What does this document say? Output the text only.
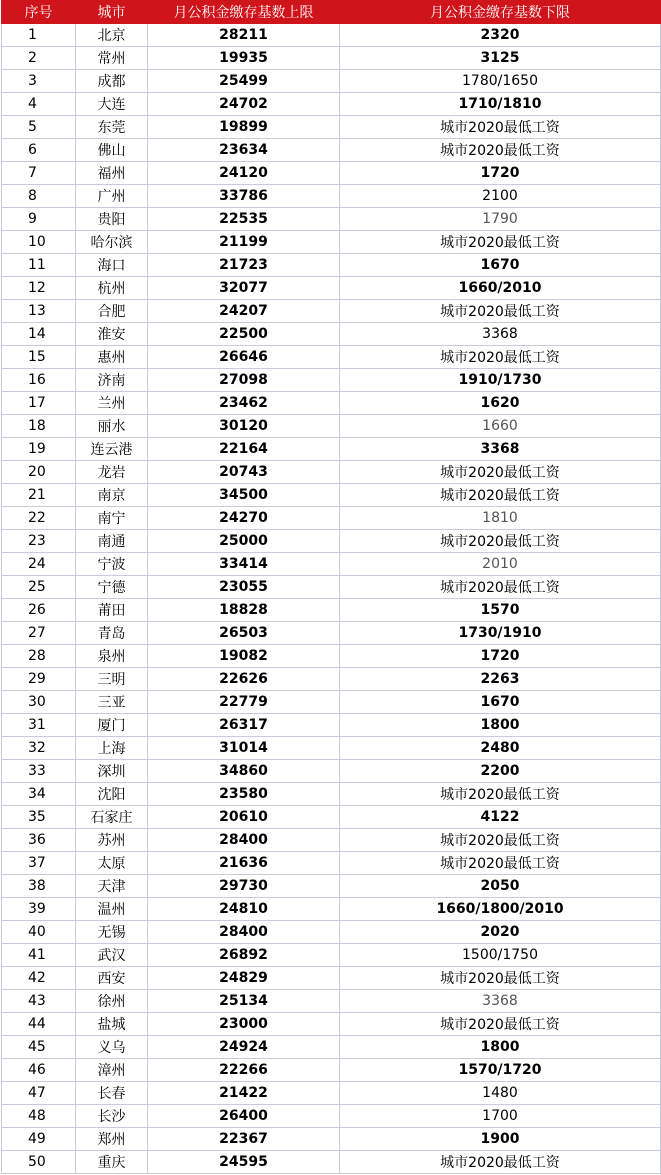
序号	城市	月公积金缴存基数上限	月公积金缴存基数下限
1	北京	28211	2320
2	常州	19935	3125
3	成都	25499	1780/1650
4	大连	24702	1710/1810
5	东莞	19899	城市2020最低工资
6	佛山	23634	城市2020最低工资
7	福州	24120	1720
8	广州	33786	2100
9	贵阳	22535	1790
10	哈尔滨	21199	城市2020最低工资
11	海口	21723	1670
12	杭州	32077	1660/2010
13	合肥	24207	城市2020最低工资
14	淮安	22500	3368
15	惠州	26646	城市2020最低工资
16	济南	27098	1910/1730
17	兰州	23462	1620
18	丽水	30120	1660
19	连云港	22164	3368
20	龙岩	20743	城市2020最低工资
21	南京	34500	城市2020最低工资
22	南宁	24270	1810
23	南通	25000	城市2020最低工资
24	宁波	33414	2010
25	宁德	23055	城市2020最低工资
26	莆田	18828	1570
27	青岛	26503	1730/1910
28	泉州	19082	1720
29	三明	22626	2263
30	三亚	22779	1670
31	厦门	26317	1800
32	上海	31014	2480
33	深圳	34860	2200
34	沈阳	23580	城市2020最低工资
35	石家庄	20610	4122
36	苏州	28400	城市2020最低工资
37	太原	21636	城市2020最低工资
38	天津	29730	2050
39	温州	24810	1660/1800/2010
40	无锡	28400	2020
41	武汉	26892	1500/1750
42	西安	24829	城市2020最低工资
43	徐州	25134	3368
44	盐城	23000	城市2020最低工资
45	义乌	24924	1800
46	漳州	22266	1570/1720
47	长春	21422	1480
48	长沙	26400	1700
49	郑州	22367	1900
50	重庆	24595	城市2020最低工资
